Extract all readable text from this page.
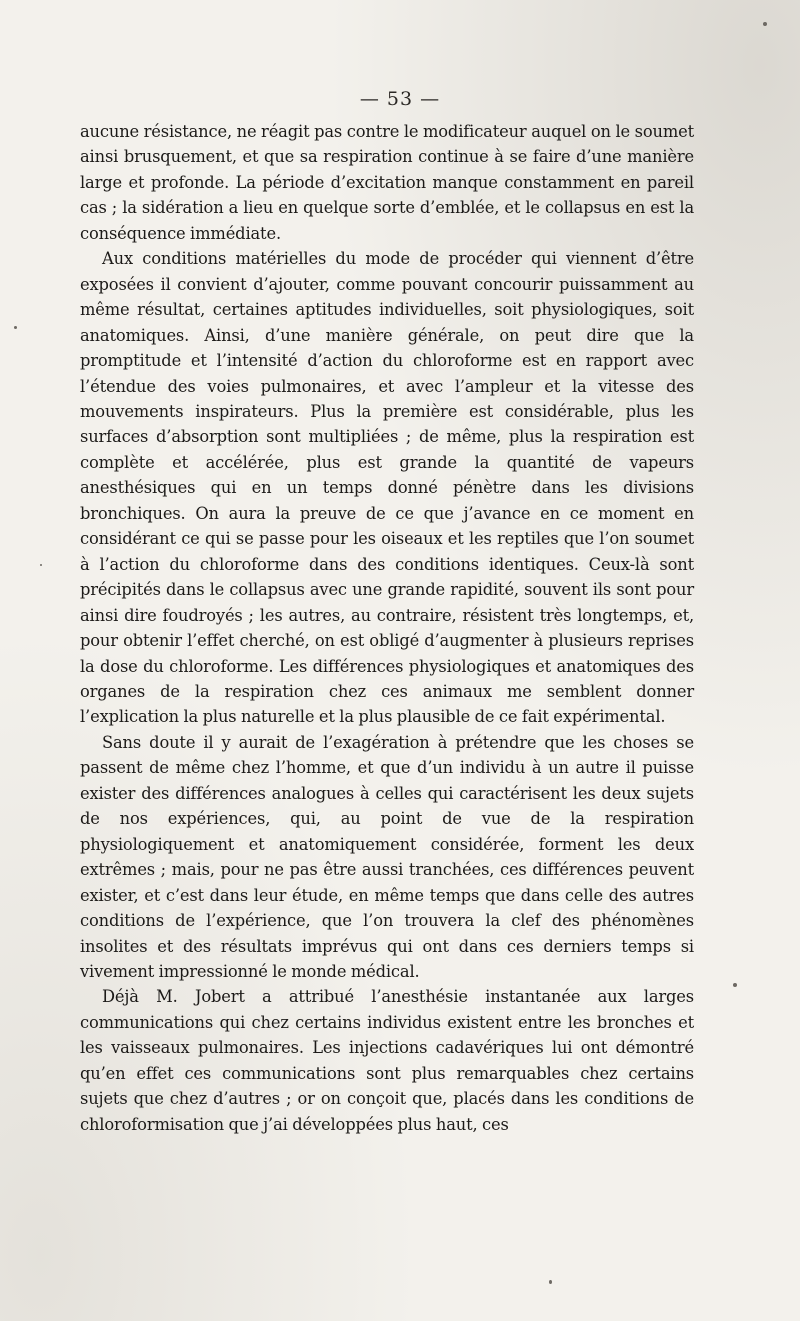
— 53 —

aucune résistance, ne réagit pas contre le modificateur auquel on le soumet ainsi brusquement, et que sa respiration continue à se faire d’une manière large et profonde. La période d’excitation manque constamment en pareil cas ; la sidération a lieu en quelque sorte d’emblée, et le collapsus en est la conséquence immédiate.

Aux conditions matérielles du mode de procéder qui viennent d’être exposées il convient d’ajouter, comme pouvant concourir puissamment au même résultat, certaines aptitudes individuelles, soit physiologiques, soit anatomiques. Ainsi, d’une manière générale, on peut dire que la promptitude et l’intensité d’action du chloroforme est en rapport avec l’étendue des voies pulmonaires, et avec l’ampleur et la vitesse des mouvements inspirateurs. Plus la première est considérable, plus les surfaces d’absorption sont multipliées ; de même, plus la respiration est complète et accélérée, plus est grande la quantité de vapeurs anesthésiques qui en un temps donné pénètre dans les divisions bronchiques. On aura la preuve de ce que j’avance en ce moment en considérant ce qui se passe pour les oiseaux et les reptiles que l’on soumet à l’action du chloroforme dans des conditions identiques. Ceux-là sont précipités dans le collapsus avec une grande rapidité, souvent ils sont pour ainsi dire foudroyés ; les autres, au contraire, résistent très longtemps, et, pour obtenir l’effet cherché, on est obligé d’augmenter à plusieurs reprises la dose du chloroforme. Les différences physiologiques et anatomiques des organes de la respiration chez ces animaux me semblent donner l’explication la plus naturelle et la plus plausible de ce fait expérimental.

Sans doute il y aurait de l’exagération à prétendre que les choses se passent de même chez l’homme, et que d’un individu à un autre il puisse exister des différences analogues à celles qui caractérisent les deux sujets de nos expériences, qui, au point de vue de la respiration physiologiquement et anatomiquement considérée, forment les deux extrêmes ; mais, pour ne pas être aussi tranchées, ces différences peuvent exister, et c’est dans leur étude, en même temps que dans celle des autres conditions de l’expérience, que l’on trouvera la clef des phénomènes insolites et des résultats imprévus qui ont dans ces derniers temps si vivement impressionné le monde médical.

Déjà M. Jobert a attribué l’anesthésie instantanée aux larges communications qui chez certains individus existent entre les bronches et les vaisseaux pulmonaires. Les injections cadavériques lui ont démontré qu’en effet ces communications sont plus remarquables chez certains sujets que chez d’autres ; or on conçoit que, placés dans les conditions de chloroformisation que j’ai développées plus haut, ces
